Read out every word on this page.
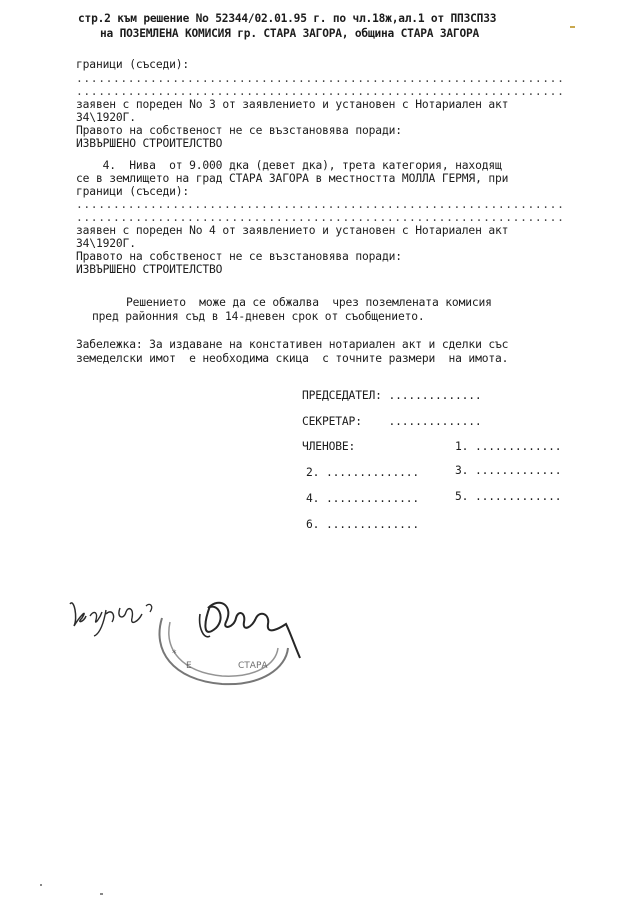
стр.2 към решение No 52344/02.01.95 г. по чл.18ж,ал.1 от ППЗСПЗЗ
на ПОЗЕМЛЕНА КОМИСИЯ гр. СТАРА ЗАГОРА, община СТАРА ЗАГОРА
граници (съседи):
..................................................................
..................................................................
заявен с пореден No 3 от заявлението и установен с Нотариален акт
34\1920Г.
Правото на собственост не се възстановява поради:
ИЗВЪРШЕНО СТРОИТЕЛСТВО
4.  Нива  от 9.000 дка (девет дка), трета категория, находящ
се в землището на град СТАРА ЗАГОРА в местността МОЛЛА ГЕРМЯ, при
граници (съседи):
..................................................................
..................................................................
заявен с пореден No 4 от заявлението и установен с Нотариален акт
34\1920Г.
Правото на собственост не се възстановява поради:
ИЗВЪРШЕНО СТРОИТЕЛСТВО
Решението  може да се обжалва  чрез поземлената комисия
пред районния съд в 14-дневен срок от съобщението.
Забележка: За издаване на констативен нотариален акт и сделки със
земеделски имот  е необходима скица  с точните размери  на имота.
ПРЕДСЕДАТЕЛ: ..............
СЕКРЕТАР:    ..............
ЧЛЕНОВЕ:	1. .............
2. ..............	3. .............
4. ..............	5. .............
6. ..............
*
Е	СТАРА
